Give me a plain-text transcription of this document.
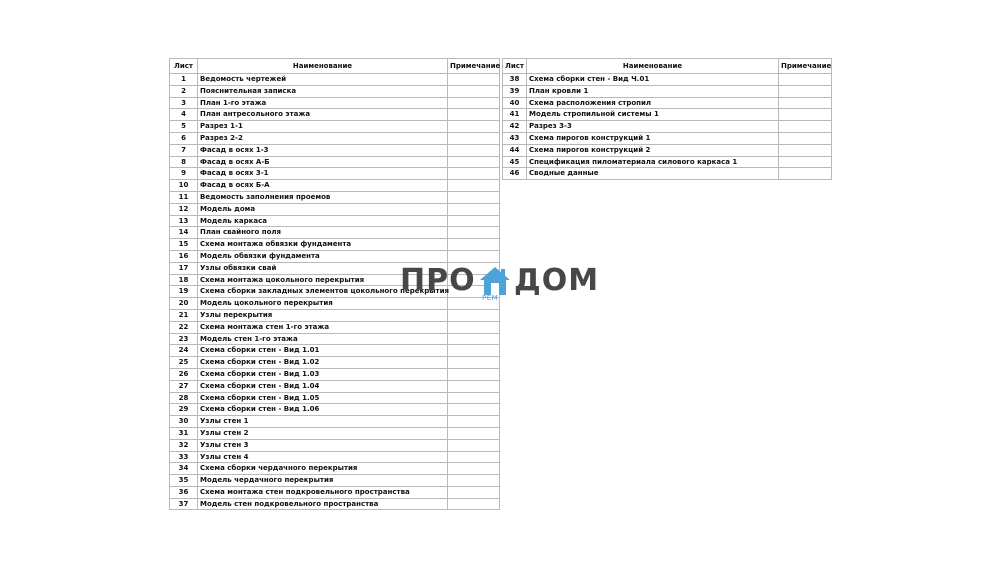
Лист	Наименование	Примечание
1	Ведомость чертежей	
2	Пояснительная записка	
3	План 1-го этажа	
4	План антресольного этажа	
5	Разрез 1-1	
6	Разрез 2-2	
7	Фасад в осях 1-3	
8	Фасад в осях А-Б	
9	Фасад в осях 3-1	
10	Фасад в осях Б-А	
11	Ведомость заполнения проемов	
12	Модель дома	
13	Модель каркаса	
14	План свайного поля	
15	Схема монтажа обвязки фундамента	
16	Модель обвязки фундамента	
17	Узлы обвязки свай	
18	Схема монтажа цокольного перекрытия	
19	Схема сборки закладных элементов цокольного перекрытия	
20	Модель цокольного перекрытия	
21	Узлы перекрытия	
22	Схема монтажа стен 1-го этажа	
23	Модель стен 1-го этажа	
24	Схема сборки стен - Вид 1.01	
25	Схема сборки стен - Вид 1.02	
26	Схема сборки стен - Вид 1.03	
27	Схема сборки стен - Вид 1.04	
28	Схема сборки стен - Вид 1.05	
29	Схема сборки стен - Вид 1.06	
30	Узлы стен 1	
31	Узлы стен 2	
32	Узлы стен 3	
33	Узлы стен 4	
34	Схема сборки чердачного перекрытия	
35	Модель чердачного перекрытия	
36	Схема монтажа стен подкровельного пространства	
37	Модель стен подкровельного пространства	
Лист	Наименование	Примечание
38	Схема сборки стен - Вид Ч.01	
39	План кровли 1	
40	Схема расположения стропил	
41	Модель стропильной системы 1	
42	Разрез 3-3	
43	Схема пирогов конструкций 1	
44	Схема пирогов конструкций 2	
45	Спецификация пиломатериала силового каркаса 1	
46	Сводные данные	
ПРО РЕМ ДОМ
